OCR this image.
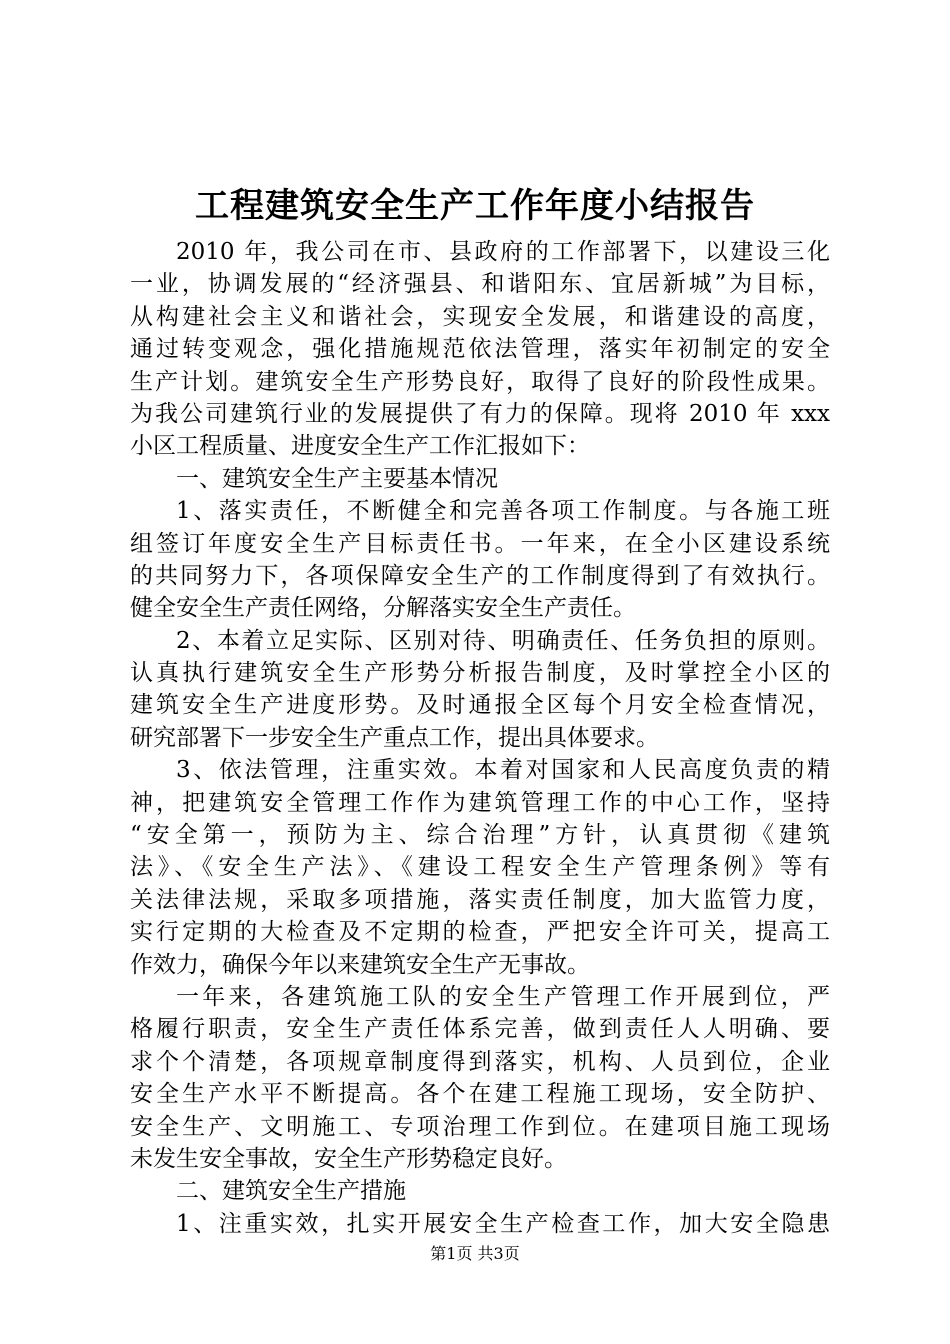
工程建筑安全生产工作年度小结报告
2010 年，我公司在市、县政府的工作部署下，以建设三化
一业，协调发展的“经济强县、和谐阳东、宜居新城”为目标，
从构建社会主义和谐社会，实现安全发展，和谐建设的高度，
通过转变观念，强化措施规范依法管理，落实年初制定的安全
生产计划。建筑安全生产形势良好，取得了良好的阶段性成果。
为我公司建筑行业的发展提供了有力的保障。现将 2010 年 xxx
小区工程质量、进度安全生产工作汇报如下：
一、建筑安全生产主要基本情况
1、落实责任，不断健全和完善各项工作制度。与各施工班
组签订年度安全生产目标责任书。一年来，在全小区建设系统
的共同努力下，各项保障安全生产的工作制度得到了有效执行。
健全安全生产责任网络，分解落实安全生产责任。
2、本着立足实际、区别对待、明确责任、任务负担的原则。
认真执行建筑安全生产形势分析报告制度，及时掌控全小区的
建筑安全生产进度形势。及时通报全区每个月安全检查情况，
研究部署下一步安全生产重点工作，提出具体要求。
3、依法管理，注重实效。本着对国家和人民高度负责的精
神，把建筑安全管理工作作为建筑管理工作的中心工作，坚持
“安全第一，预防为主、综合治理”方针，认真贯彻《建筑
法》、《安全生产法》、《建设工程安全生产管理条例》等有
关法律法规，采取多项措施，落实责任制度，加大监管力度，
实行定期的大检查及不定期的检查，严把安全许可关，提高工
作效力，确保今年以来建筑安全生产无事故。
一年来，各建筑施工队的安全生产管理工作开展到位，严
格履行职责，安全生产责任体系完善，做到责任人人明确、要
求个个清楚，各项规章制度得到落实，机构、人员到位，企业
安全生产水平不断提高。各个在建工程施工现场，安全防护、
安全生产、文明施工、专项治理工作到位。在建项目施工现场
未发生安全事故，安全生产形势稳定良好。
二、建筑安全生产措施
1、注重实效，扎实开展安全生产检查工作，加大安全隐患
第1页 共3页
